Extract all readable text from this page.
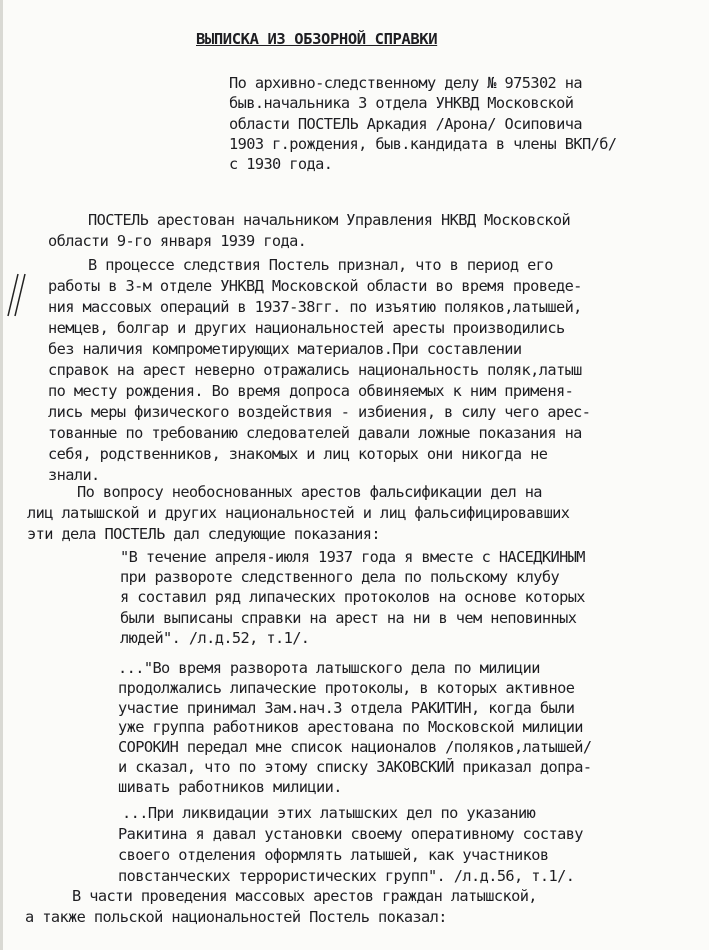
ВЫПИСКА ИЗ ОБЗОРНОЙ СПРАВКИ
По архивно-следственному делу № 975302 на
быв.начальника 3 отдела УНКВД Московской
области ПОСТЕЛЬ Аркадия /Арона/ Осиповича
1903 г.рождения, быв.кандидата в члены ВКП/б/
с 1930 года.
ПОСТЕЛЬ арестован начальником Управления НКВД Московской
области 9-го января 1939 года.
В процессе следствия Постель признал, что в период его
работы в 3-м отделе УНКВД Московской области во время проведе-
ния массовых операций в 1937-38гг. по изъятию поляков,латышей,
немцев, болгар и других национальностей аресты производились
без наличия компрометирующих материалов.При составлении
справок на арест неверно отражались национальность поляк,латыш
по месту рождения. Во время допроса обвиняемых к ним применя-
лись меры физического воздействия - избиения, в силу чего арес-
тованные по требованию следователей давали ложные показания на
себя, родственников, знакомых и лиц которых они никогда не
знали.
По вопросу необоснованных арестов фальсификации дел на
лиц латышской и других национальностей и лиц фальсифицировавших
эти дела ПОСТЕЛЬ дал следующие показания:
"В течение апреля-июля 1937 года я вместе с НАСЕДКИНЫМ
при развороте следственного дела по польскому клубу
я составил ряд липачеcких протоколов на основе которых
были выписаны справки на арест на ни в чем неповинных
людей". /л.д.52, т.1/.
..."Во время разворота латышского дела по милиции
продолжались липаческие протоколы, в которых активное
участие принимал Зам.нач.3 отдела РАКИТИН, когда были
уже группа работников арестована по Московской милиции
СОРОКИН передал мне список националов /поляков,латышей/
и сказал, что по этому списку ЗАКОВСКИЙ приказал допра-
шивать работников милиции.
...При ликвидации этих латышских дел по указанию
Ракитина я давал установки своему оперативному составу
своего отделения оформлять латышей, как участников
повстанческих террористических групп". /л.д.56, т.1/.
В части проведения массовых арестов граждан латышской,
а также польской национальностей Постель показал:
